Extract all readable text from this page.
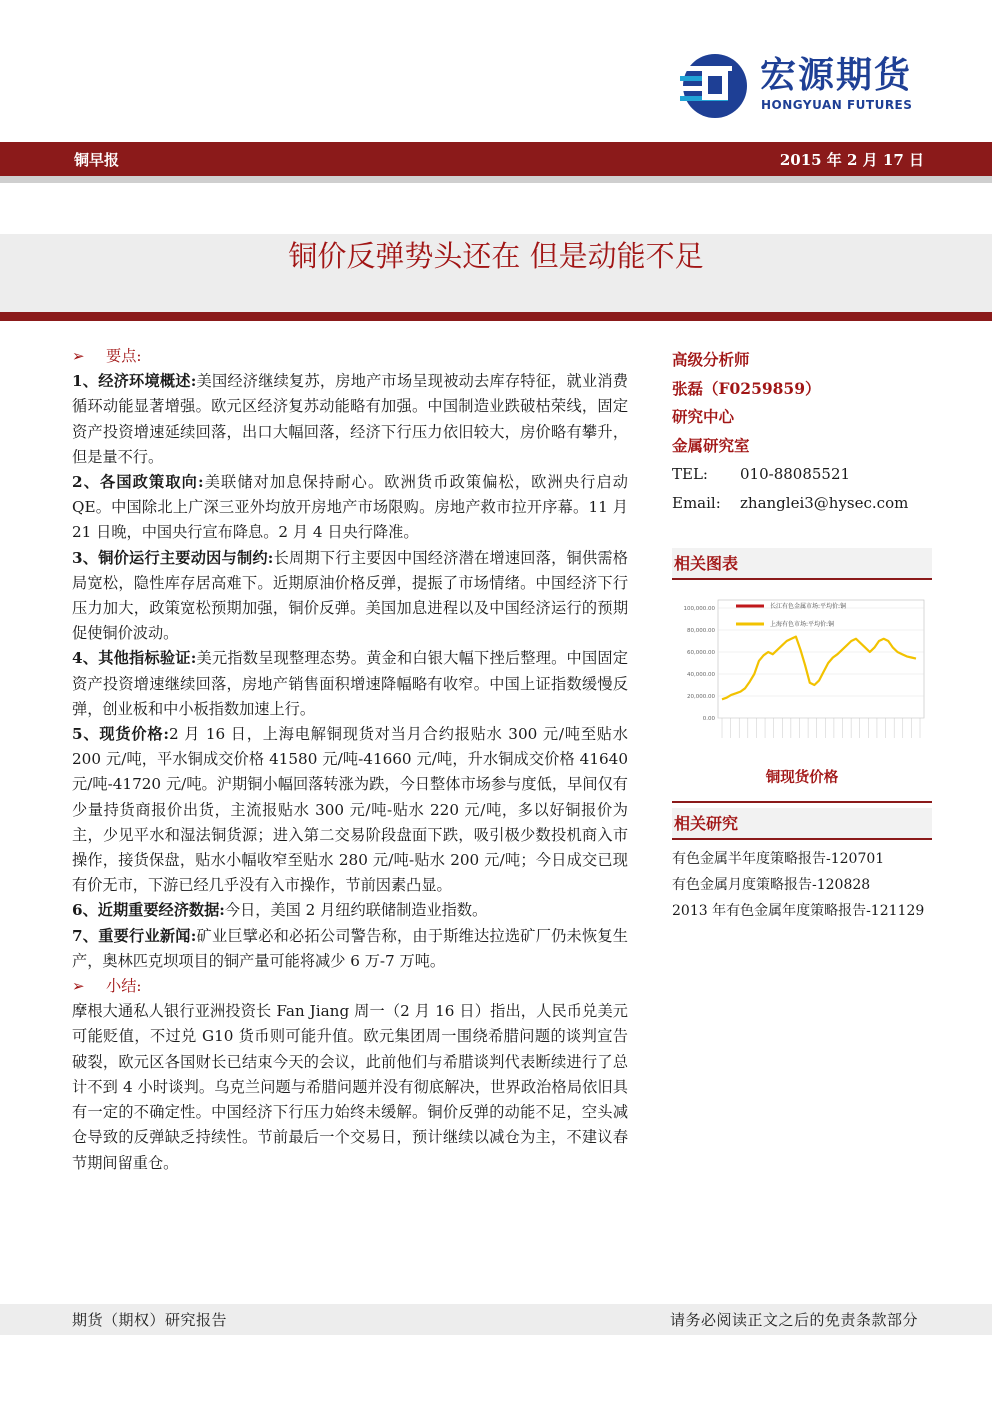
宏源期货
HONGYUAN FUTURES
铜早报	2015 年 2 月 17 日
铜价反弹势头还在 但是动能不足

➢ 要点:

1、经济环境概述:美国经济继续复苏，房地产市场呈现被动去库存特征，就业消费循环动能显著增强。欧元区经济复苏动能略有加强。中国制造业跌破枯荣线，固定资产投资增速延续回落，出口大幅回落，经济下行压力依旧较大，房价略有攀升，但是量不行。

2、各国政策取向:美联储对加息保持耐心。欧洲货币政策偏松，欧洲央行启动 QE。中国除北上广深三亚外均放开房地产市场限购。房地产救市拉开序幕。11 月 21 日晚，中国央行宣布降息。2 月 4 日央行降准。

3、铜价运行主要动因与制约:长周期下行主要因中国经济潜在增速回落，铜供需格局宽松，隐性库存居高难下。近期原油价格反弹，提振了市场情绪。中国经济下行压力加大，政策宽松预期加强，铜价反弹。美国加息进程以及中国经济运行的预期促使铜价波动。

4、其他指标验证:美元指数呈现整理态势。黄金和白银大幅下挫后整理。中国固定资产投资增速继续回落，房地产销售面积增速降幅略有收窄。中国上证指数缓慢反弹，创业板和中小板指数加速上行。

5、现货价格:2 月 16 日，上海电解铜现货对当月合约报贴水 300 元/吨至贴水 200 元/吨，平水铜成交价格 41580 元/吨-41660 元/吨，升水铜成交价格 41640 元/吨-41720 元/吨。沪期铜小幅回落转涨为跌，今日整体市场参与度低，早间仅有少量持货商报价出货，主流报贴水 300 元/吨-贴水 220 元/吨，多以好铜报价为主，少见平水和湿法铜货源；进入第二交易阶段盘面下跌，吸引极少数投机商入市操作，接货保盘，贴水小幅收窄至贴水 280 元/吨-贴水 200 元/吨；今日成交已现有价无市，下游已经几乎没有入市操作，节前因素凸显。

6、近期重要经济数据:今日，美国 2 月纽约联储制造业指数。

7、重要行业新闻:矿业巨擘必和必拓公司警告称，由于斯维达拉选矿厂仍未恢复生产，奥林匹克坝项目的铜产量可能将减少 6 万-7 万吨。

➢ 小结:

摩根大通私人银行亚洲投资长 Fan Jiang 周一（2 月 16 日）指出，人民币兑美元可能贬值，不过兑 G10 货币则可能升值。欧元集团周一围绕希腊问题的谈判宣告破裂，欧元区各国财长已结束今天的会议，此前他们与希腊谈判代表断续进行了总计不到 4 小时谈判。乌克兰问题与希腊问题并没有彻底解决，世界政治格局依旧具有一定的不确定性。中国经济下行压力始终未缓解。铜价反弹的动能不足，空头减仓导致的反弹缺乏持续性。节前最后一个交易日，预计继续以减仓为主，不建议春节期间留重仓。

高级分析师
张磊（F0259859）
研究中心
金属研究室
TEL: 010-88085521
Email: zhanglei3@hysec.com
相关图表
0.00
20,000.00
40,000.00
60,000.00
80,000.00
100,000.00	长江有色金属市场:平均价:铜
上海有色市场:平均价:铜
铜现货价格
相关研究
有色金属半年度策略报告-120701
有色金属月度策略报告-120828
2013 年有色金属年度策略报告-121129
期货（期权）研究报告	请务必阅读正文之后的免责条款部分
